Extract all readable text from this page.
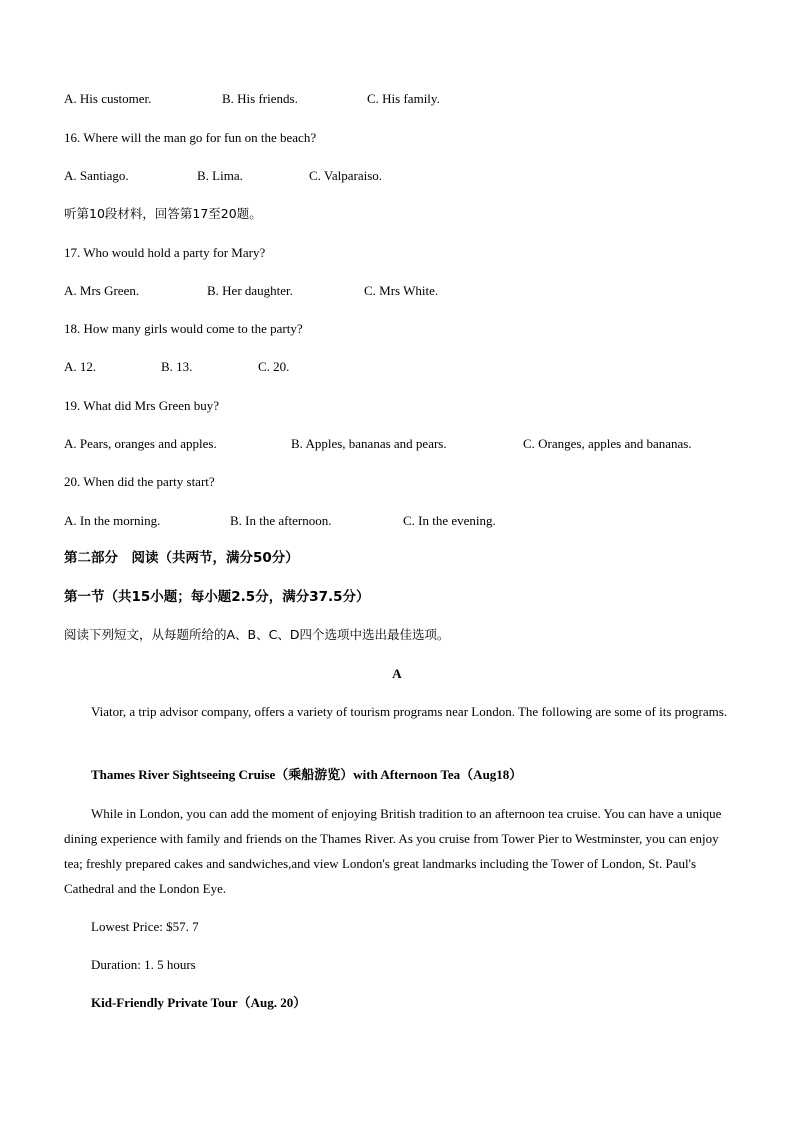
A. His customer.	B. His friends.	C. His family.
16. Where will the man go for fun on the beach?
A. Santiago.	B. Lima.	C. Valparaiso.
听第10段材料，回答第17至20题。
17. Who would hold a party for Mary?
A. Mrs Green.	B. Her daughter.	C. Mrs White.
18. How many girls would come to the party?
A. 12.	B. 13.	C. 20.
19. What did Mrs Green buy?
A. Pears, oranges and apples.	B. Apples, bananas and pears.	C. Oranges, apples and bananas.
20. When did the party start?
A. In the morning.	B. In the afternoon.	C. In the evening.
第二部分　阅读（共两节，满分50分）
第一节（共15小题；每小题2.5分，满分37.5分）
阅读下列短文，从每题所给的A、B、C、D四个选项中选出最佳选项。
A
Viator, a trip advisor company, offers a variety of tourism programs near London. The following are some of its programs.
Thames River Sightseeing Cruise（乘船游览）with Afternoon Tea（Aug18）
While in London, you can add the moment of enjoying British tradition to an afternoon tea cruise. You can have a unique dining experience with family and friends on the Thames River. As you cruise from Tower Pier to Westminster, you can enjoy tea; freshly prepared cakes and sandwiches,and view London's great landmarks including the Tower of London, St. Paul's Cathedral and the London Eye.
Lowest Price: $57. 7
Duration: 1. 5 hours
Kid-Friendly Private Tour（Aug. 20）
